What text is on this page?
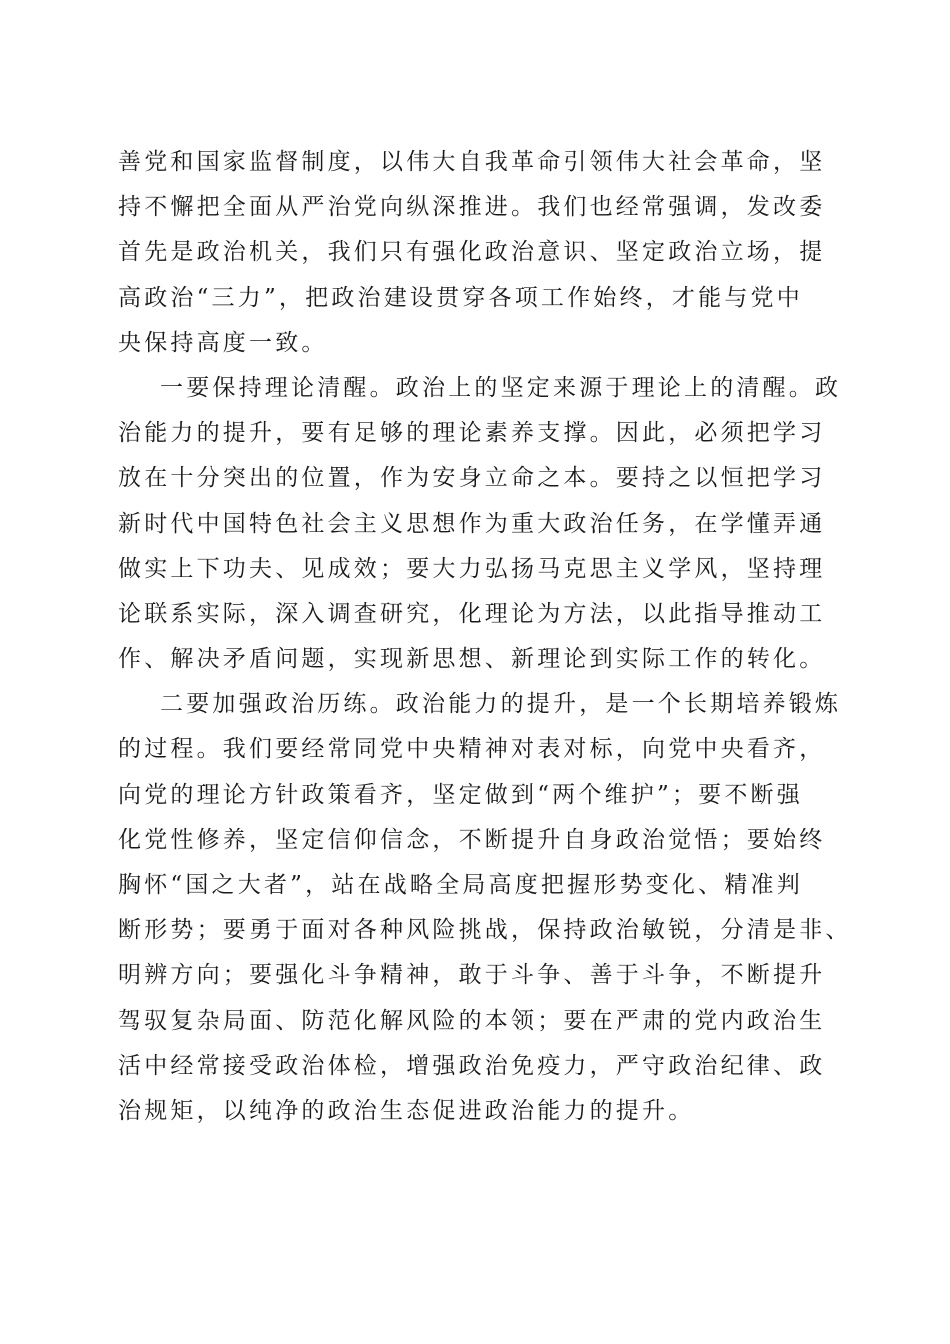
善党和国家监督制度，以伟大自我革命引领伟大社会革命，坚
持不懈把全面从严治党向纵深推进。我们也经常强调，发改委
首先是政治机关，我们只有强化政治意识、坚定政治立场，提
高政治“三力”，把政治建设贯穿各项工作始终，才能与党中
央保持高度一致。
一要保持理论清醒。政治上的坚定来源于理论上的清醒。政
治能力的提升，要有足够的理论素养支撑。因此，必须把学习
放在十分突出的位置，作为安身立命之本。要持之以恒把学习
新时代中国特色社会主义思想作为重大政治任务，在学懂弄通
做实上下功夫、见成效；要大力弘扬马克思主义学风，坚持理
论联系实际，深入调查研究，化理论为方法，以此指导推动工
作、解决矛盾问题，实现新思想、新理论到实际工作的转化。
二要加强政治历练。政治能力的提升，是一个长期培养锻炼
的过程。我们要经常同党中央精神对表对标，向党中央看齐，
向党的理论方针政策看齐，坚定做到“两个维护”；要不断强
化党性修养，坚定信仰信念，不断提升自身政治觉悟；要始终
胸怀“国之大者”，站在战略全局高度把握形势变化、精准判
断形势；要勇于面对各种风险挑战，保持政治敏锐，分清是非、
明辨方向；要强化斗争精神，敢于斗争、善于斗争，不断提升
驾驭复杂局面、防范化解风险的本领；要在严肃的党内政治生
活中经常接受政治体检，增强政治免疫力，严守政治纪律、政
治规矩，以纯净的政治生态促进政治能力的提升。
